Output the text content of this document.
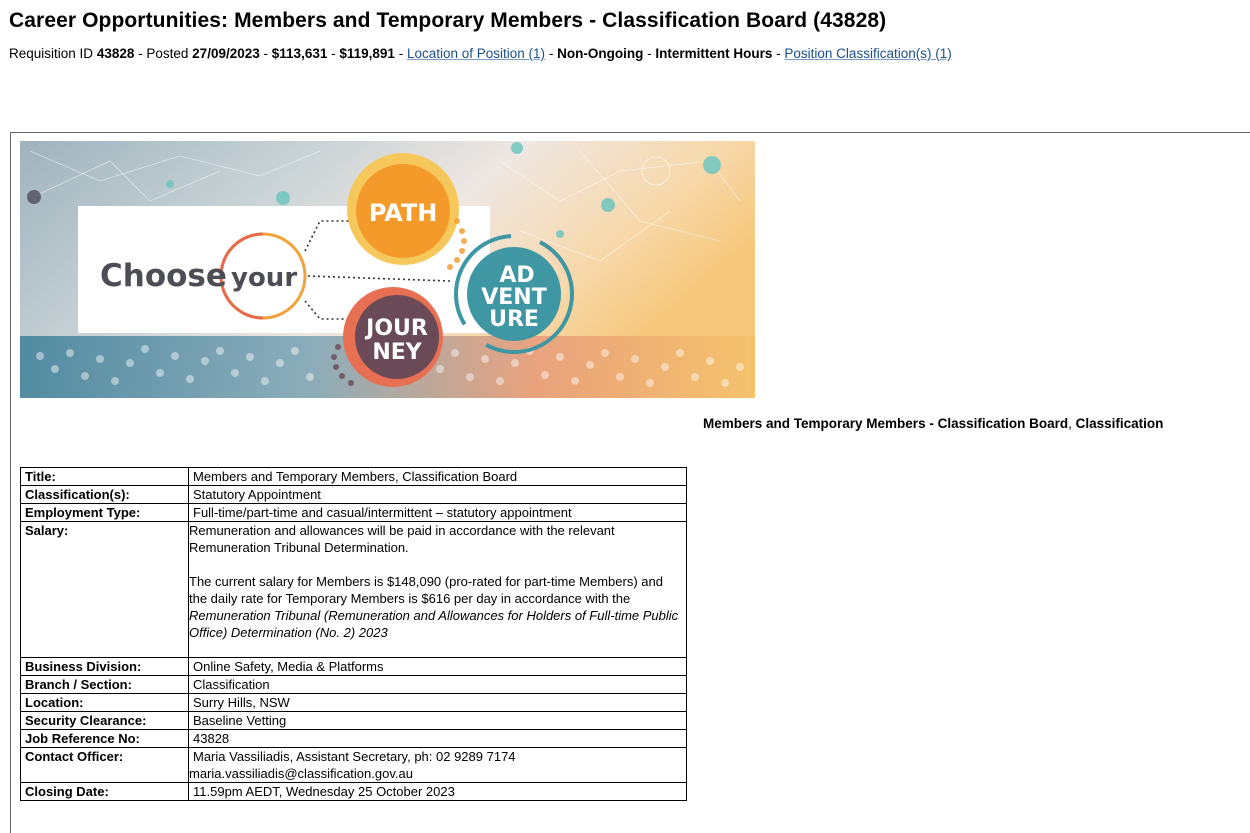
Career Opportunities: Members and Temporary Members - Classification Board (43828)
Requisition ID 43828 - Posted 27/09/2023 - $113,631 - $119,891 - Location of Position (1) - Non-Ongoing - Intermittent Hours - Position Classification(s) (1)
Choose your
PATH
AD
VENT
URE
JOUR
NEY
Members and Temporary Members - Classification Board, Classification
Title:	Members and Temporary Members, Classification Board
Classification(s):	Statutory Appointment
Employment Type:	Full-time/part-time and casual/intermittent – statutory appointment
Salary:	Remuneration and allowances will be paid in accordance with the relevant Remuneration Tribunal Determination.

The current salary for Members is $148,090 (pro-rated for part-time Members) and the daily rate for Temporary Members is $616 per day in accordance with the Remuneration Tribunal (Remuneration and Allowances for Holders of Full-time Public Office) Determination (No. 2) 2023

Business Division:	Online Safety, Media & Platforms
Branch / Section:	Classification
Location:	Surry Hills, NSW
Security Clearance:	Baseline Vetting
Job Reference No:	43828
Contact Officer:	Maria Vassiliadis, Assistant Secretary, ph: 02 9289 7174
maria.vassiliadis@classification.gov.au

Closing Date:	11.59pm AEDT, Wednesday 25 October 2023
